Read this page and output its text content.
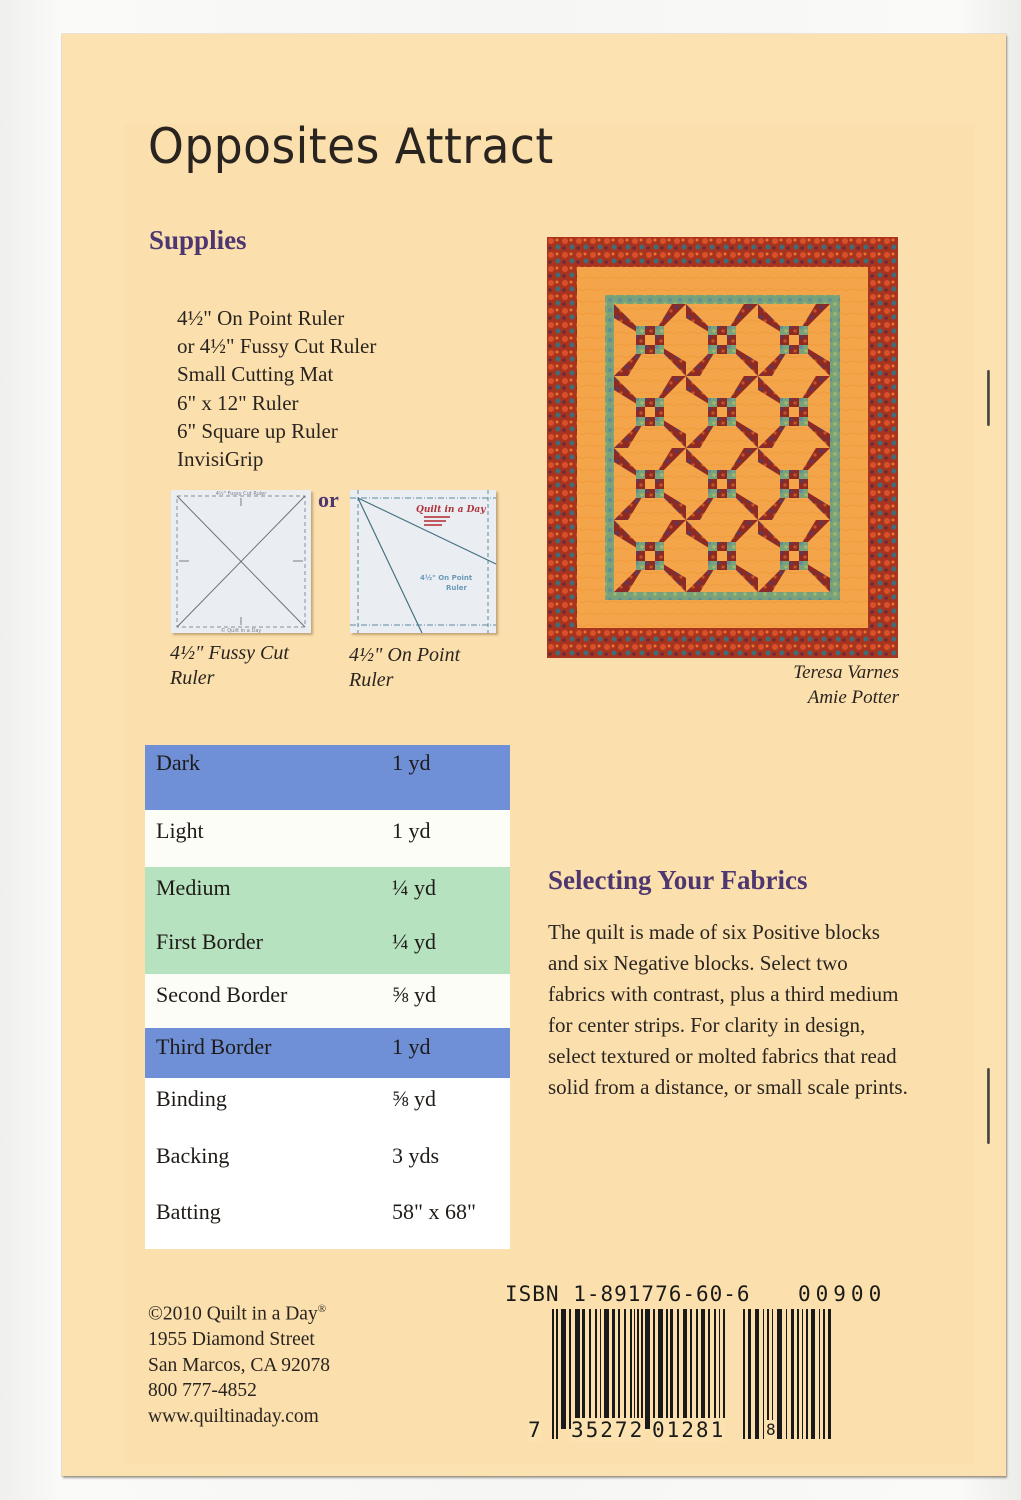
Opposites Attract
Supplies
4½" On Point Ruler
or 4½" Fussy Cut Ruler
Small Cutting Mat
6" x 12" Ruler
6" Square up Ruler
InvisiGrip
or
4½" Fussy Cut Ruler
© Quilt in a Day
4½" Fussy Cut
Ruler
Quilt in a Day
4½" On Point
Ruler
4½" On Point
Ruler	Teresa Varnes
Amie Potter
Dark	1 yd
Light	1 yd
Medium	¼ yd
First Border	¼ yd
Second Border	⅝ yd
Third Border	1 yd
Binding	⅝ yd
Backing	3 yds
Batting	58" x 68"
Selecting Your Fabrics

The quilt is made of six Positive blocks and six Negative blocks. Select two fabrics with contrast, plus a third medium for center strips. For clarity in design, select textured or molted fabrics that read solid from a distance, or small scale prints.

©2010 Quilt in a Day®
1955 Diamond Street
San Marcos, CA 92078
800 777-4852
www.quiltinaday.com
ISBN 1-891776-60-6 00900
7 35272 01281	8
